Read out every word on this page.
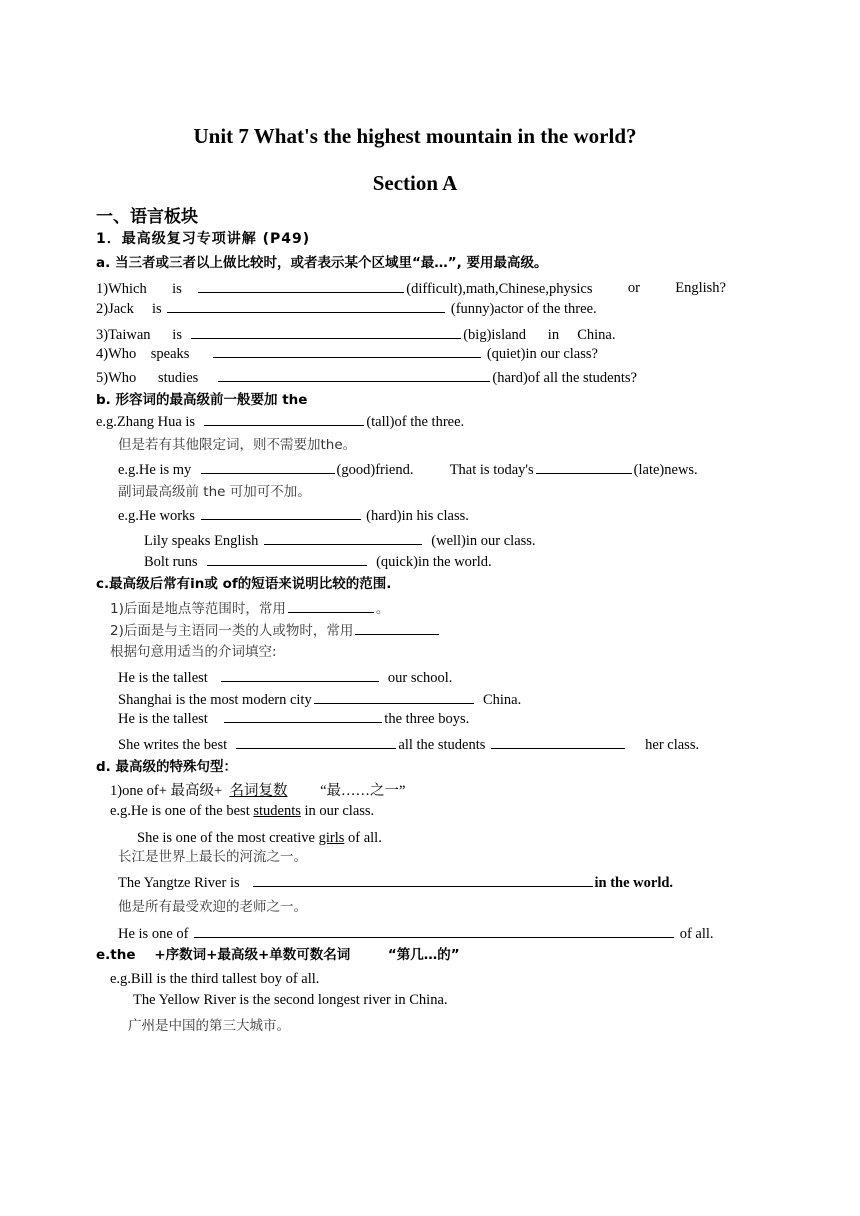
Unit 7 What's the highest mountain in the world?
Section A
一、语言板块
1．最高级复习专项讲解 (P49)
a. 当三者或三者以上做比较时，或者表示某个区域里“最…”, 要用最高级。
1)Which is	(difficult),math,Chinese,physics or English?
2)Jack is	(funny)actor of the three.
3)Taiwan is	(big)island in China.
4)Who speaks	(quiet)in our class?
5)Who studies	(hard)of all the students?
b. 形容词的最高级前一般要加 the
e.g.Zhang Hua is	(tall)of the three.
但是若有其他限定词，则不需要加the。
e.g.He is my	(good)friend.	That is today's	(late)news.
副词最高级前 the 可加可不加。
e.g.He works	(hard)in his class.
Lily speaks English	(well)in our class.
Bolt runs	(quick)in the world.
c.最高级后常有in或 of的短语来说明比较的范围.
1)后面是地点等范围时，常用	。
2)后面是与主语同一类的人或物时，常用
根据句意用适当的介词填空:
He is the tallest	our school.
Shanghai is the most modern city	China.
He is the tallest	the three boys.
She writes the best	all the students	her class.
d. 最高级的特殊句型：
1)one of+ 最高级+ 名词复数 “最……之一”
e.g.He is one of the best students in our class.
She is one of the most creative girls of all.
长江是世界上最长的河流之一。
The Yangtze River is	in the world.
他是所有最受欢迎的老师之一。
He is one of	of all.
e.the +序数词+最高级+单数可数名词	“第几…的”
e.g.Bill is the third tallest boy of all.
The Yellow River is the second longest river in China.
广州是中国的第三大城市。
